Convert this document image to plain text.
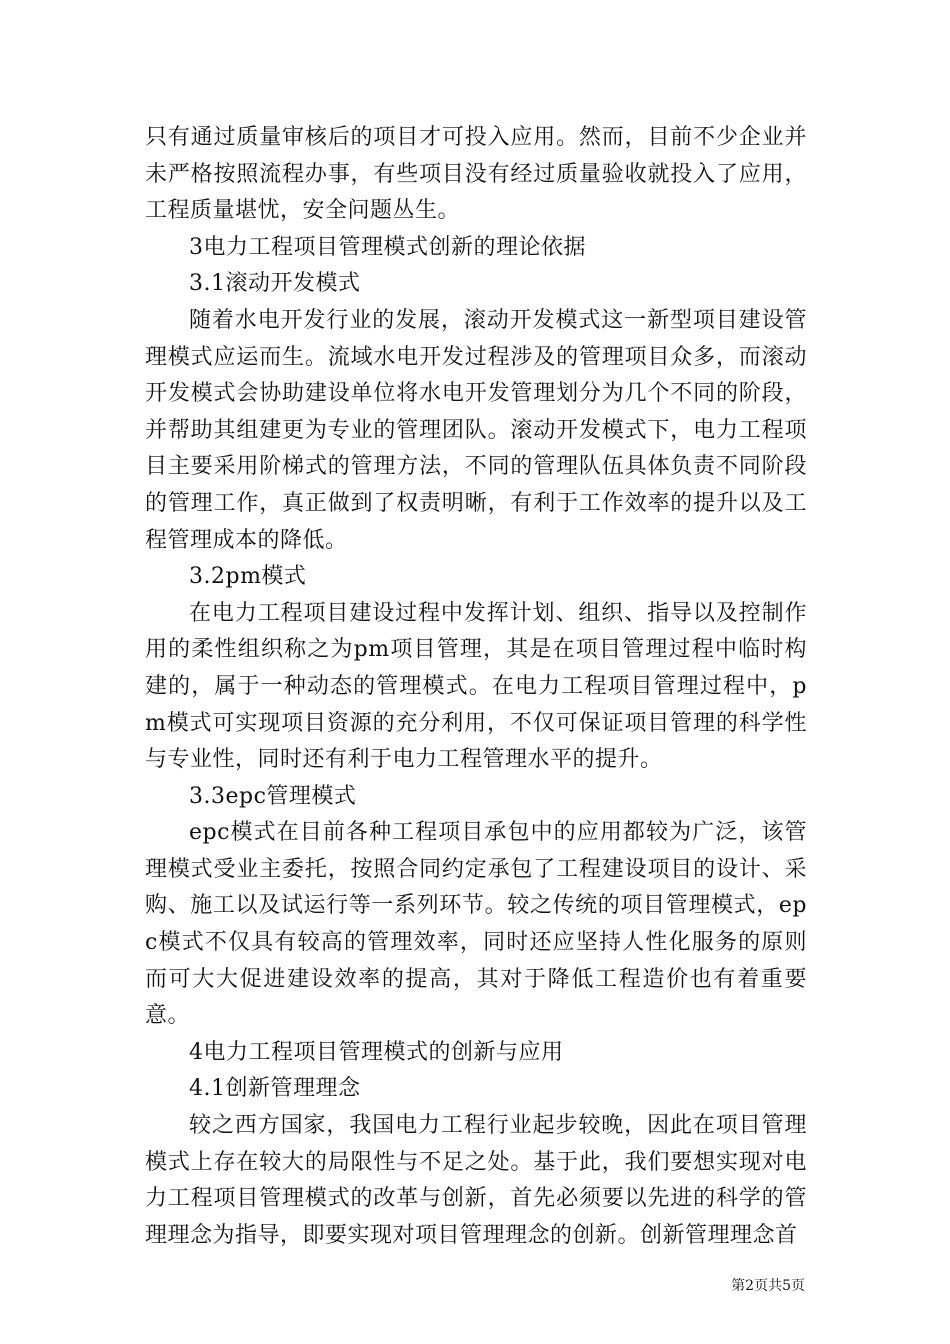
只有通过质量审核后的项目才可投入应用。然而，目前不少企业并未严格按照流程办事，有些项目没有经过质量验收就投入了应用，工程质量堪忧，安全问题丛生。

3电力工程项目管理模式创新的理论依据

3.1滚动开发模式

随着水电开发行业的发展，滚动开发模式这一新型项目建设管理模式应运而生。流域水电开发过程涉及的管理项目众多，而滚动开发模式会协助建设单位将水电开发管理划分为几个不同的阶段，并帮助其组建更为专业的管理团队。滚动开发模式下，电力工程项目主要采用阶梯式的管理方法，不同的管理队伍具体负责不同阶段的管理工作，真正做到了权责明晰，有利于工作效率的提升以及工程管理成本的降低。

3.2pm模式

在电力工程项目建设过程中发挥计划、组织、指导以及控制作用的柔性组织称之为pm项目管理，其是在项目管理过程中临时构建的，属于一种动态的管理模式。在电力工程项目管理过程中，pm模式可实现项目资源的充分利用，不仅可保证项目管理的科学性与专业性，同时还有利于电力工程管理水平的提升。

3.3epc管理模式

epc模式在目前各种工程项目承包中的应用都较为广泛，该管理模式受业主委托，按照合同约定承包了工程建设项目的设计、采购、施工以及试运行等一系列环节。较之传统的项目管理模式，epc模式不仅具有较高的管理效率，同时还应坚持人性化服务的原则而可大大促进建设效率的提高，其对于降低工程造价也有着重要意。

4电力工程项目管理模式的创新与应用

4.1创新管理理念

较之西方国家，我国电力工程行业起步较晚，因此在项目管理模式上存在较大的局限性与不足之处。基于此，我们要想实现对电力工程项目管理模式的改革与创新，首先必须要以先进的科学的管理理念为指导，即要实现对项目管理理念的创新。创新管理理念首

第2页共5页
